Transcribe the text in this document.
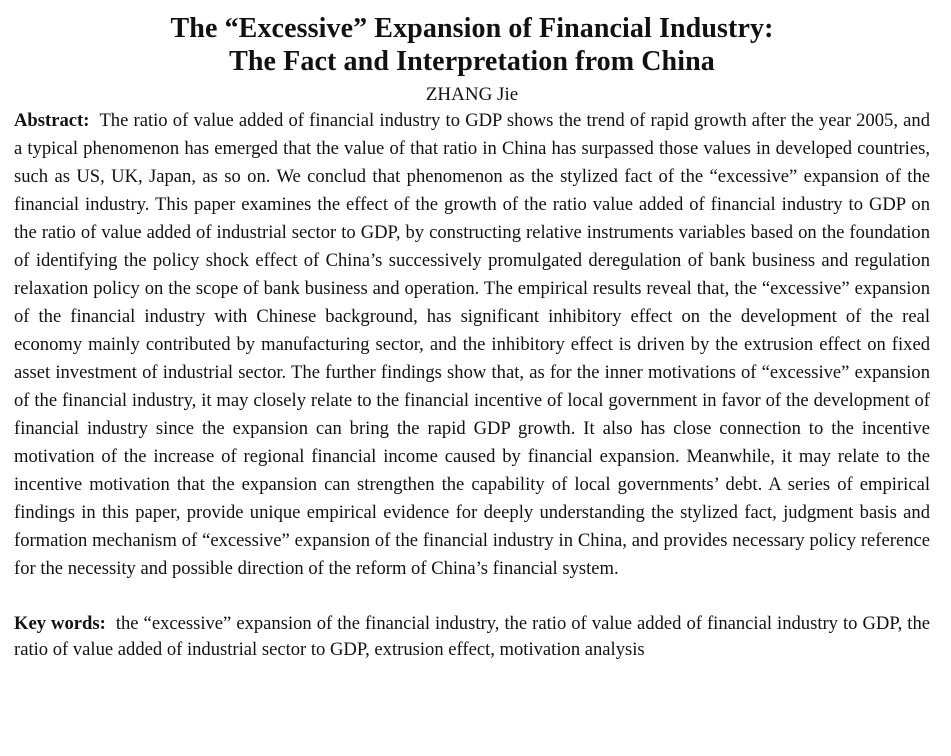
The “Excessive” Expansion of Financial Industry:
The Fact and Interpretation from China
ZHANG Jie

Abstract: The ratio of value added of financial industry to GDP shows the trend of rapid growth after the year 2005, and a typical phenomenon has emerged that the value of that ratio in China has surpassed those values in developed countries, such as US, UK, Japan, as so on. We conclud that phenomenon as the stylized fact of the “excessive” expansion of the financial industry. This paper examines the effect of the growth of the ratio value added of financial industry to GDP on the ratio of value added of industrial sector to GDP, by constructing relative instruments variables based on the foundation of identifying the policy shock effect of China’s successively promulgated deregulation of bank business and regulation relaxation policy on the scope of bank business and operation. The empirical results reveal that, the “excessive” expansion of the financial industry with Chinese background, has significant inhibitory effect on the development of the real economy mainly contributed by manufacturing sector, and the inhibitory effect is driven by the extrusion effect on fixed asset investment of industrial sector. The further findings show that, as for the inner motivations of “excessive” expansion of the financial industry, it may closely relate to the financial incentive of local government in favor of the development of financial industry since the expansion can bring the rapid GDP growth. It also has close connection to the incentive motivation of the increase of regional financial income caused by financial expansion. Meanwhile, it may relate to the incentive motivation that the expansion can strengthen the capability of local governments’ debt. A series of empirical findings in this paper, provide unique empirical evidence for deeply understanding the stylized fact, judgment basis and formation mechanism of “excessive” expansion of the financial industry in China, and provides necessary policy reference for the necessity and possible direction of the reform of China’s financial system.

Key words: the “excessive” expansion of the financial industry, the ratio of value added of financial industry to GDP, the ratio of value added of industrial sector to GDP, extrusion effect, motivation analysis
